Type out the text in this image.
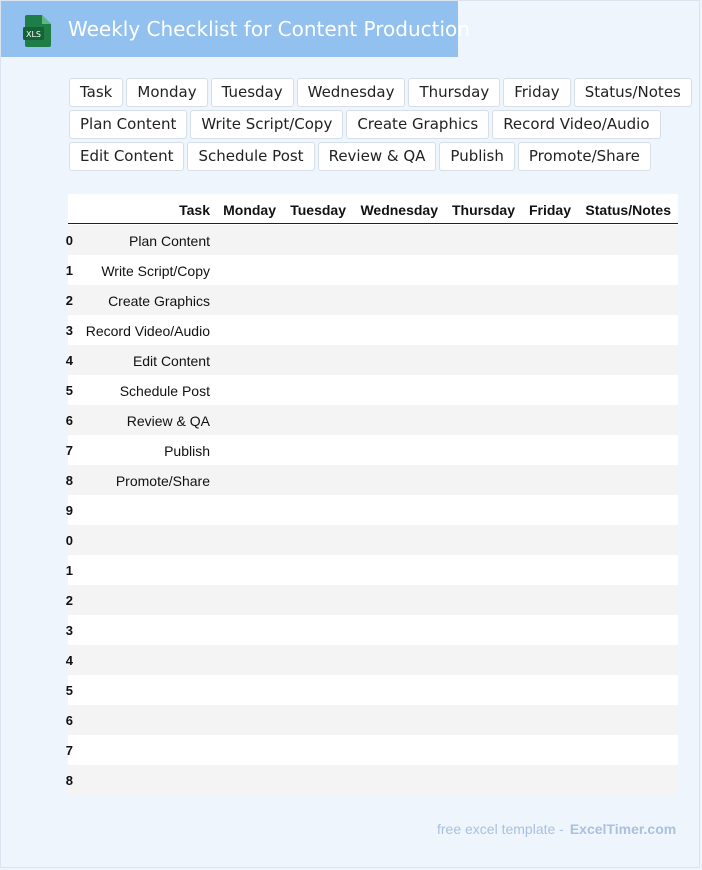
XLS Weekly Checklist for Content Production
Task	Monday	Tuesday	Wednesday	Thursday	Friday	Status/Notes
Plan Content	Write Script/Copy	Create Graphics	Record Video/Audio
Edit Content	Schedule Post	Review & QA	Publish	Promote/Share
Task Monday Tuesday Wednesday Thursday Friday Status/Notes
0	Plan Content
1 Write Script/Copy
2	Create Graphics
3 Record Video/Audio
4	Edit Content
5	Schedule Post
6	Review & QA
7	Publish
8	Promote/Share
9
0
1
2
3
4
5
6
7
8
free excel template - ExcelTimer.com
